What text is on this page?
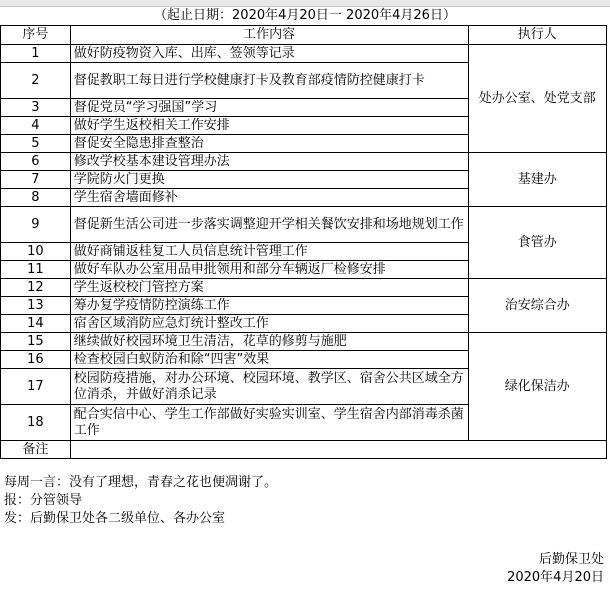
（起止日期：2020年4月20日一 2020年4月26日）
序号	工作内容	执行人
1	做好防疫物资入库、出库、签领等记录	处办公室、处党支部
2	督促教职工每日进行学校健康打卡及教育部疫情防控健康打卡	
3	督促党员“学习强国”学习	
4	做好学生返校相关工作安排	
5	督促安全隐患排查整治	
6	修改学校基本建设管理办法	基建办
7	学院防火门更换	
8	学生宿舍墙面修补	
9	督促新生活公司进一步落实调整迎开学相关餐饮安排和场地规划工作	食管办
10	做好商铺返桂复工人员信息统计管理工作	
11	做好车队办公室用品申批领用和部分车辆返厂检修安排	
12	学生返校校门管控方案	治安综合办
13	筹办复学疫情防控演练工作	
14	宿舍区域消防应急灯统计整改工作	
15	继续做好校园环境卫生清洁，花草的修剪与施肥	绿化保洁办
16	检查校园白蚁防治和除“四害”效果	
17	校园防疫措施，对办公环境、校园环境、教学区、宿舍公共区域全方位消杀，并做好消杀记录	
18	配合实信中心、学生工作部做好实验实训室、学生宿舍内部消毒杀菌工作	
备注		
每周一言：没有了理想，青春之花也便凋谢了。
报：分管领导
发：后勤保卫处各二级单位、各办公室
后勤保卫处
2020年4月20日
